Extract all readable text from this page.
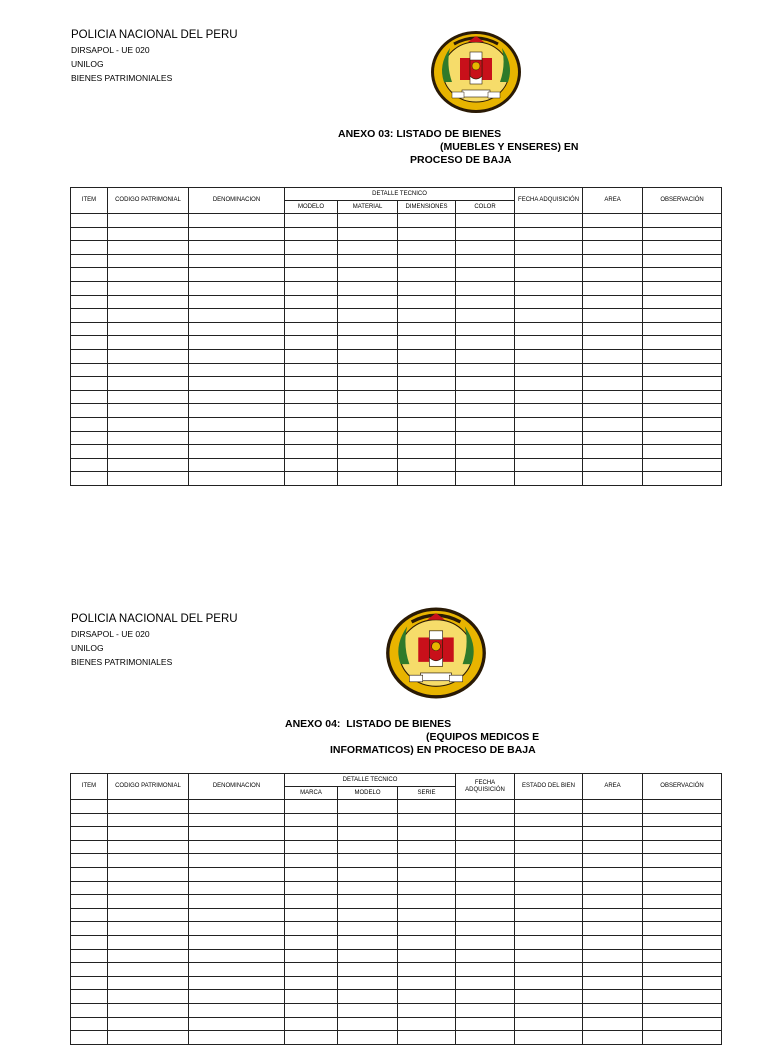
POLICIA NACIONAL DEL PERU
DIRSAPOL - UE 020
UNILOG
BIENES PATRIMONIALES
ANEXO 03: LISTADO DE BIENES
(MUEBLES Y ENSERES) EN
PROCESO DE BAJA
ITEM	CODIGO PATRIMONIAL	DENOMINACION	DETALLE TECNICO				FECHA ADQUISICIÓN	AREA	OBSERVACIÓN
			MODELO	MATERIAL	DIMENSIONES	COLOR			

POLICIA NACIONAL DEL PERU
DIRSAPOL - UE 020
UNILOG
BIENES PATRIMONIALES
ANEXO 04:  LISTADO DE BIENES
(EQUIPOS MEDICOS E
INFORMATICOS) EN PROCESO DE BAJA
ITEM	CODIGO PATRIMONIAL	DENOMINACION	DETALLE TECNICO			FECHA ADQUISICIÓN	ESTADO DEL BIEN	AREA	OBSERVACIÓN
			MARCA	MODELO	SERIE				
